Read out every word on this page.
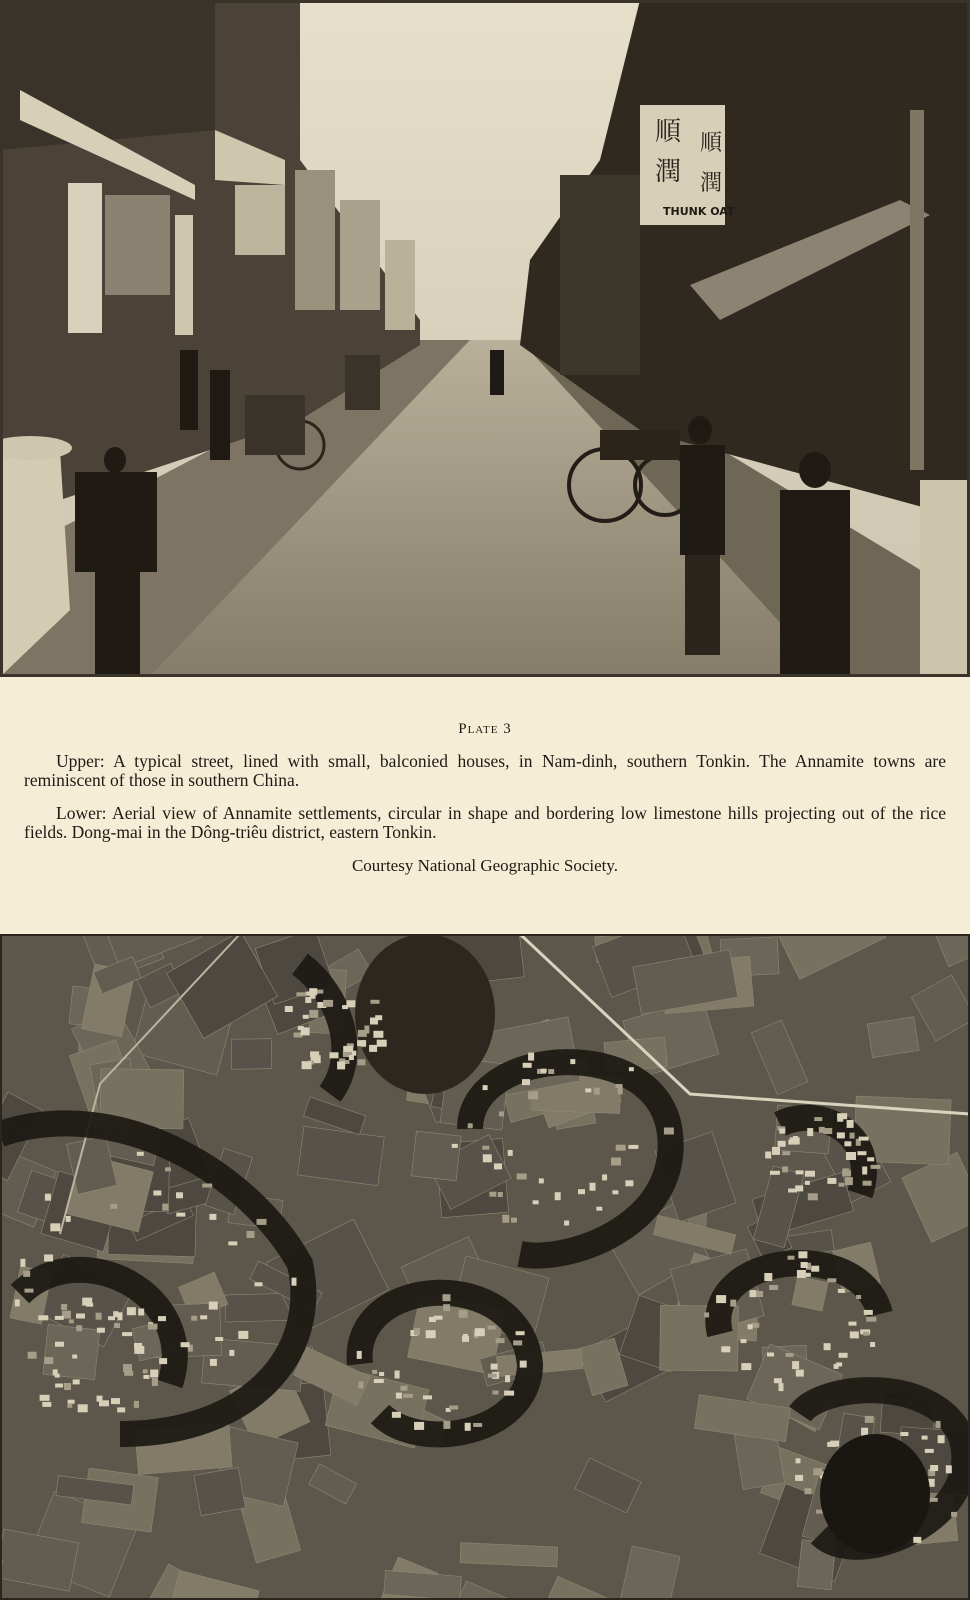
順
潤
順
潤
THUNK OAT
Plate 3

Upper: A typical street, lined with small, balconied houses, in Nam-dinh, southern Tonkin. The Annamite towns are reminiscent of those in southern China.

Lower: Aerial view of Annamite settlements, circular in shape and bordering low limestone hills projecting out of the rice fields. Dong-mai in the Dông-triêu district, eastern Tonkin.

Courtesy National Geographic Society.
